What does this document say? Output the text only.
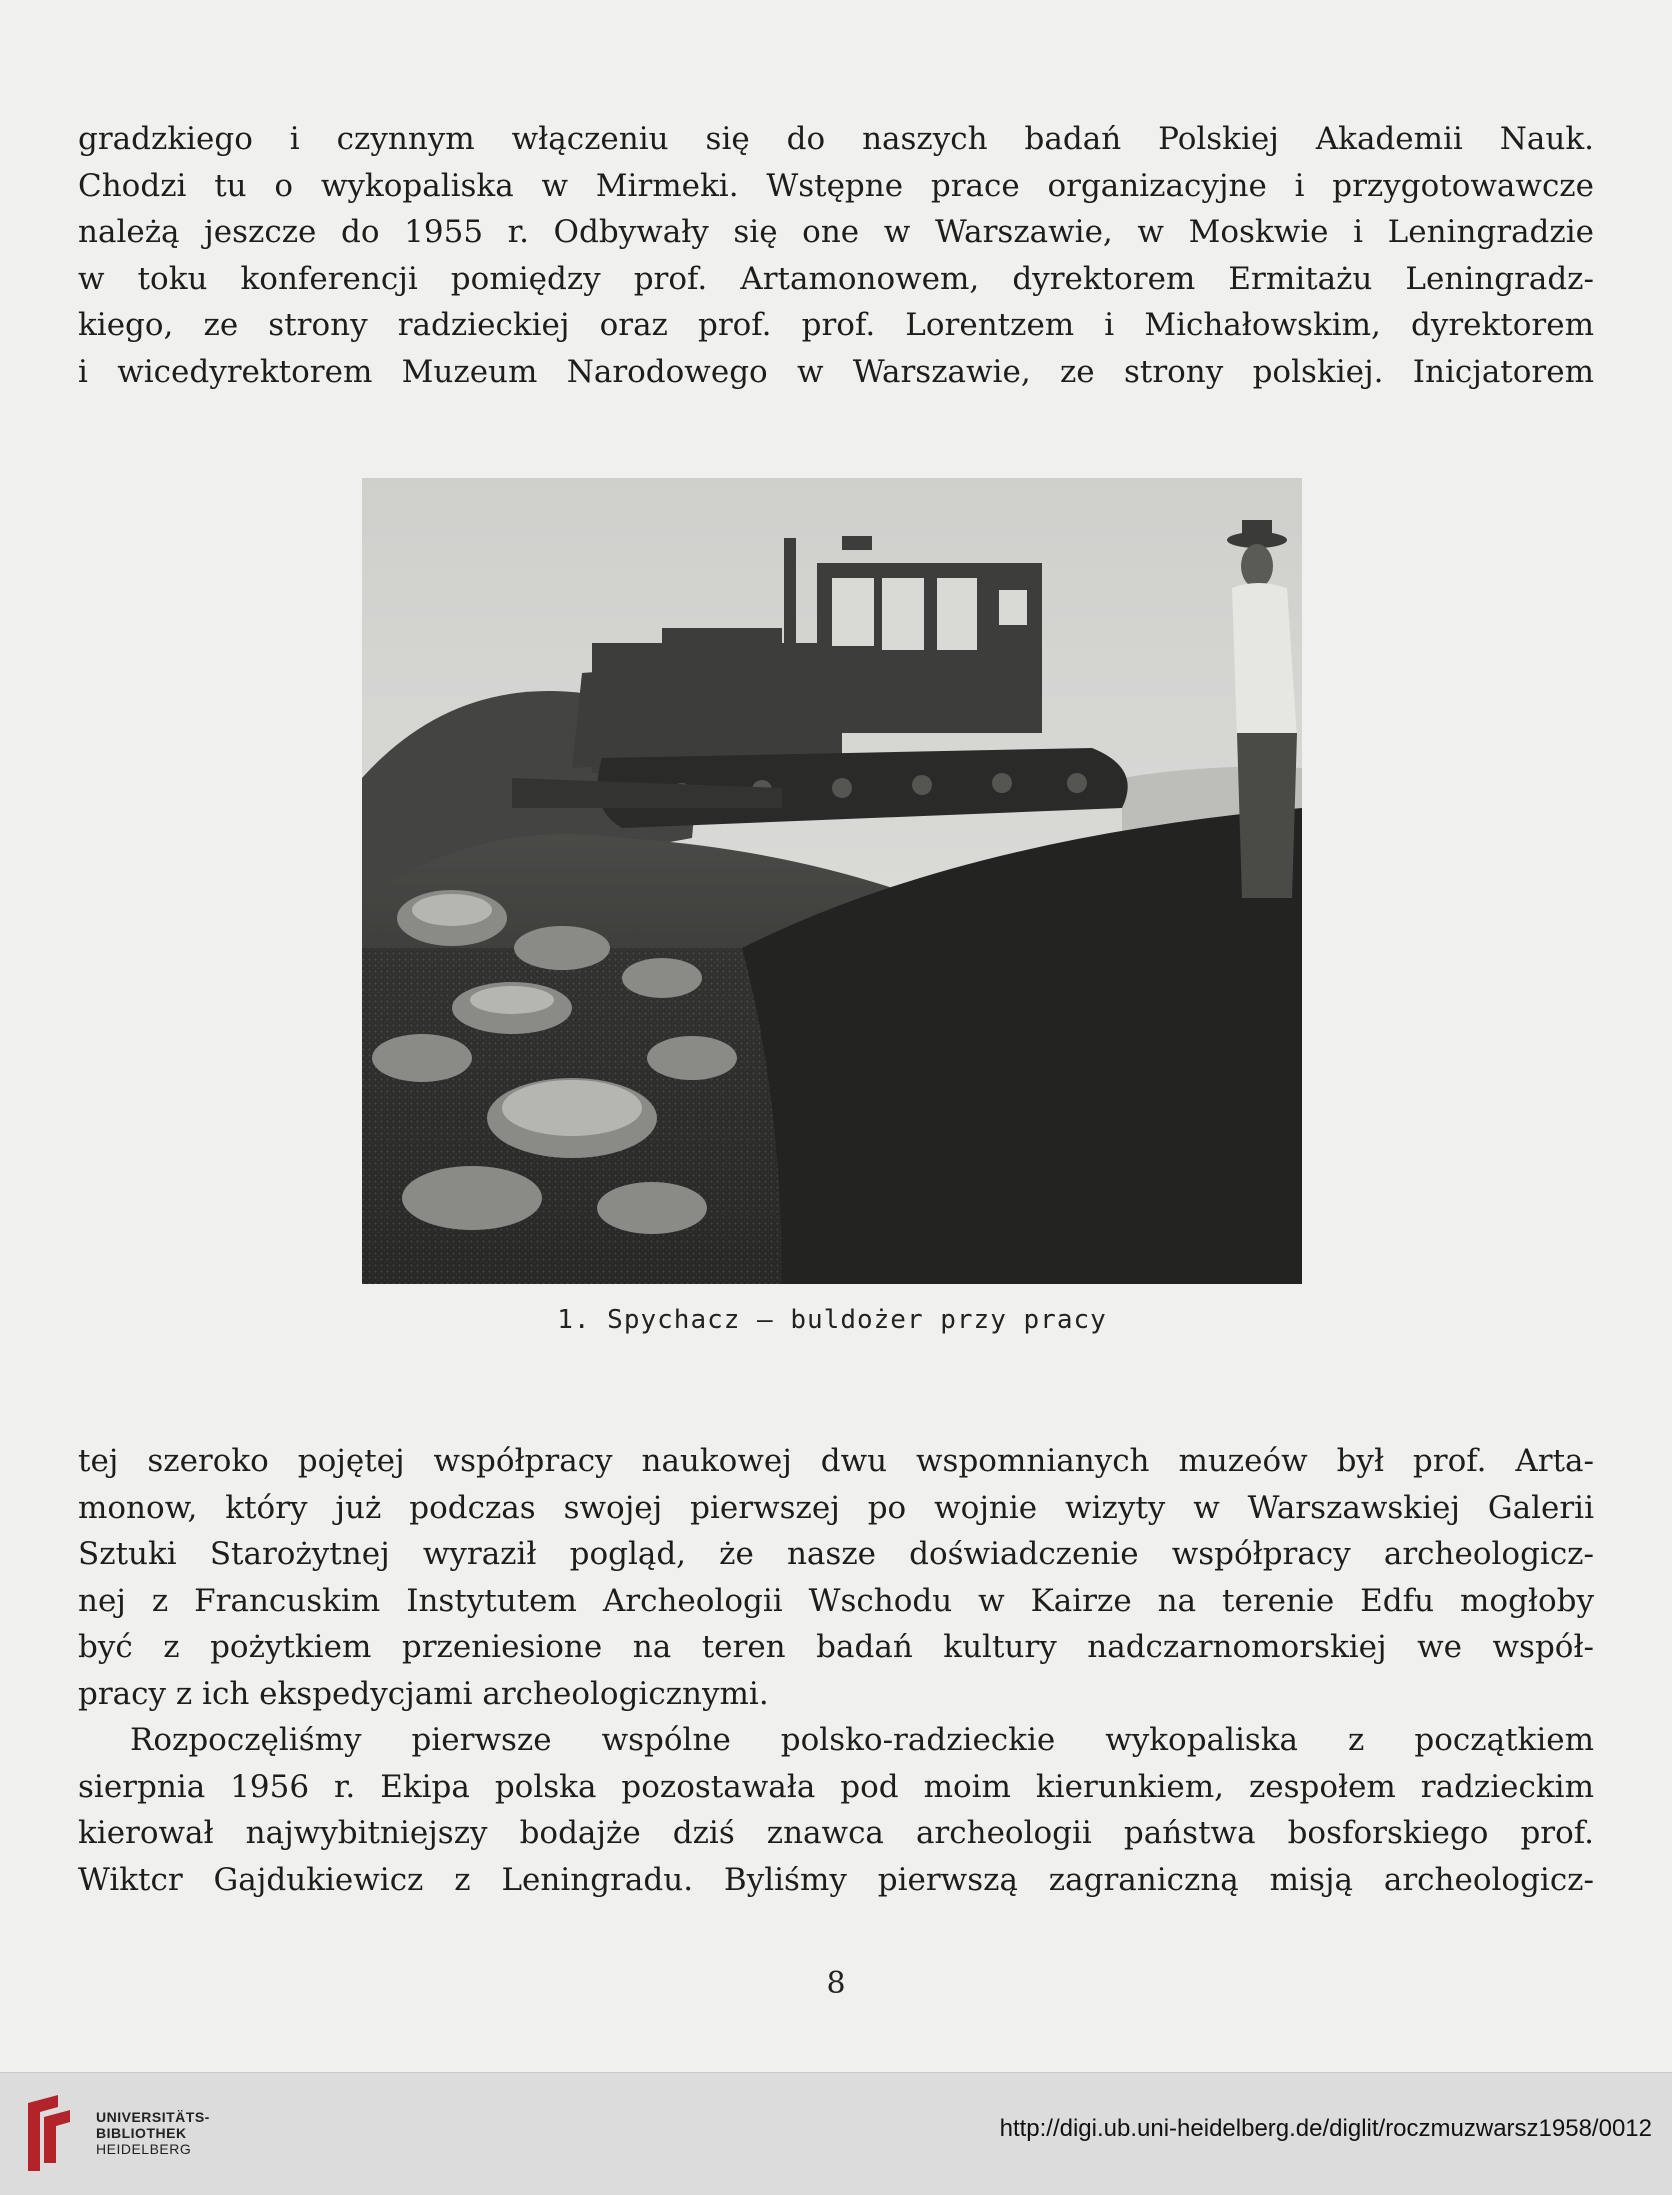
gradzkiego i czynnym włączeniu się do naszych badań Polskiej Akademii Nauk.
Chodzi tu o wykopaliska w Mirmeki. Wstępne prace organizacyjne i przygotowawcze
należą jeszcze do 1955 r. Odbywały się one w Warszawie, w Moskwie i Leningradzie
w toku konferencji pomiędzy prof. Artamonowem, dyrektorem Ermitażu Leningradz-
kiego, ze strony radzieckiej oraz prof. prof. Lorentzem i Michałowskim, dyrektorem
i wicedyrektorem Muzeum Narodowego w Warszawie, ze strony polskiej. Inicjatorem

1. Spychacz — buldożer przy pracy

tej szeroko pojętej współpracy naukowej dwu wspomnianych muzeów był prof. Arta-
monow, który już podczas swojej pierwszej po wojnie wizyty w Warszawskiej Galerii
Sztuki Starożytnej wyraził pogląd, że nasze doświadczenie współpracy archeologicz-
nej z Francuskim Instytutem Archeologii Wschodu w Kairze na terenie Edfu mogłoby
być z pożytkiem przeniesione na teren badań kultury nadczarnomorskiej we współ-
pracy z ich ekspedycjami archeologicznymi.

Rozpoczęliśmy pierwsze wspólne polsko-radzieckie wykopaliska z początkiem
sierpnia 1956 r. Ekipa polska pozostawała pod moim kierunkiem, zespołem radzieckim
kierował najwybitniejszy bodajże dziś znawca archeologii państwa bosforskiego prof.
Wiktcr Gajdukiewicz z Leningradu. Byliśmy pierwszą zagraniczną misją archeologicz-

8
UNIVERSITÄTS-
BIBLIOTHEK
HEIDELBERG
http://digi.ub.uni-heidelberg.de/diglit/roczmuzwarsz1958/0012
